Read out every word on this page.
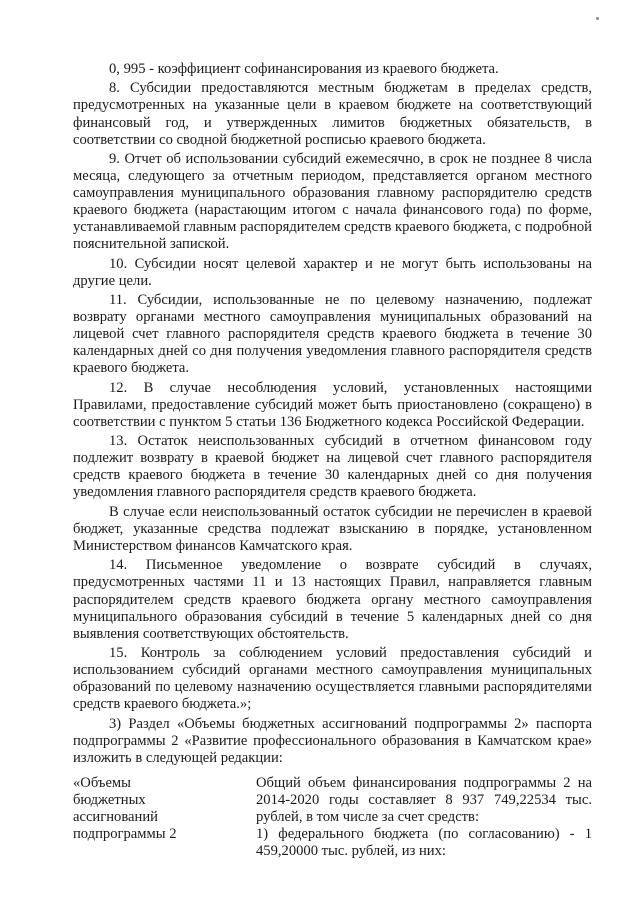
0, 995 - коэффициент софинансирования из краевого бюджета.

8. Субсидии предоставляются местным бюджетам в пределах средств, предусмотренных на указанные цели в краевом бюджете на соответствующий финансовый год, и утвержденных лимитов бюджетных обязательств, в соответствии со сводной бюджетной росписью краевого бюджета.

9. Отчет об использовании субсидий ежемесячно, в срок не позднее 8 числа месяца, следующего за отчетным периодом, представляется органом местного самоуправления муниципального образования главному распорядителю средств краевого бюджета (нарастающим итогом с начала финансового года) по форме, устанавливаемой главным распорядителем средств краевого бюджета, с подробной пояснительной запиской.

10. Субсидии носят целевой характер и не могут быть использованы на другие цели.

11. Субсидии, использованные не по целевому назначению, подлежат возврату органами местного самоуправления муниципальных образований на лицевой счет главного распорядителя средств краевого бюджета в течение 30 календарных дней со дня получения уведомления главного распорядителя средств краевого бюджета.

12. В случае несоблюдения условий, установленных настоящими Правилами, предоставление субсидий может быть приостановлено (сокращено) в соответствии с пунктом 5 статьи 136 Бюджетного кодекса Российской Федерации.

13. Остаток неиспользованных субсидий в отчетном финансовом году подлежит возврату в краевой бюджет на лицевой счет главного распорядителя средств краевого бюджета в течение 30 календарных дней со дня получения уведомления главного распорядителя средств краевого бюджета.

В случае если неиспользованный остаток субсидии не перечислен в краевой бюджет, указанные средства подлежат взысканию в порядке, установленном Министерством финансов Камчатского края.

14. Письменное уведомление о возврате субсидий в случаях, предусмотренных частями 11 и 13 настоящих Правил, направляется главным распорядителем средств краевого бюджета органу местного самоуправления муниципального образования субсидий в течение 5 календарных дней со дня выявления соответствующих обстоятельств.

15. Контроль за соблюдением условий предоставления субсидий и использованием субсидий органами местного самоуправления муниципальных образований по целевому назначению осуществляется главными распорядителями средств краевого бюджета.»;

3) Раздел «Объемы бюджетных ассигнований подпрограммы 2» паспорта подпрограммы 2 «Развитие профессионального образования в Камчатском крае» изложить в следующей редакции:

«Объемы
бюджетных
ассигнований
подпрограммы 2

Общий объем финансирования подпрограммы 2 на 2014-2020 годы составляет 8 937 749,22534 тыс. рублей, в том числе за счет средств:

1) федерального бюджета (по согласованию) - 1 459,20000 тыс. рублей, из них:
